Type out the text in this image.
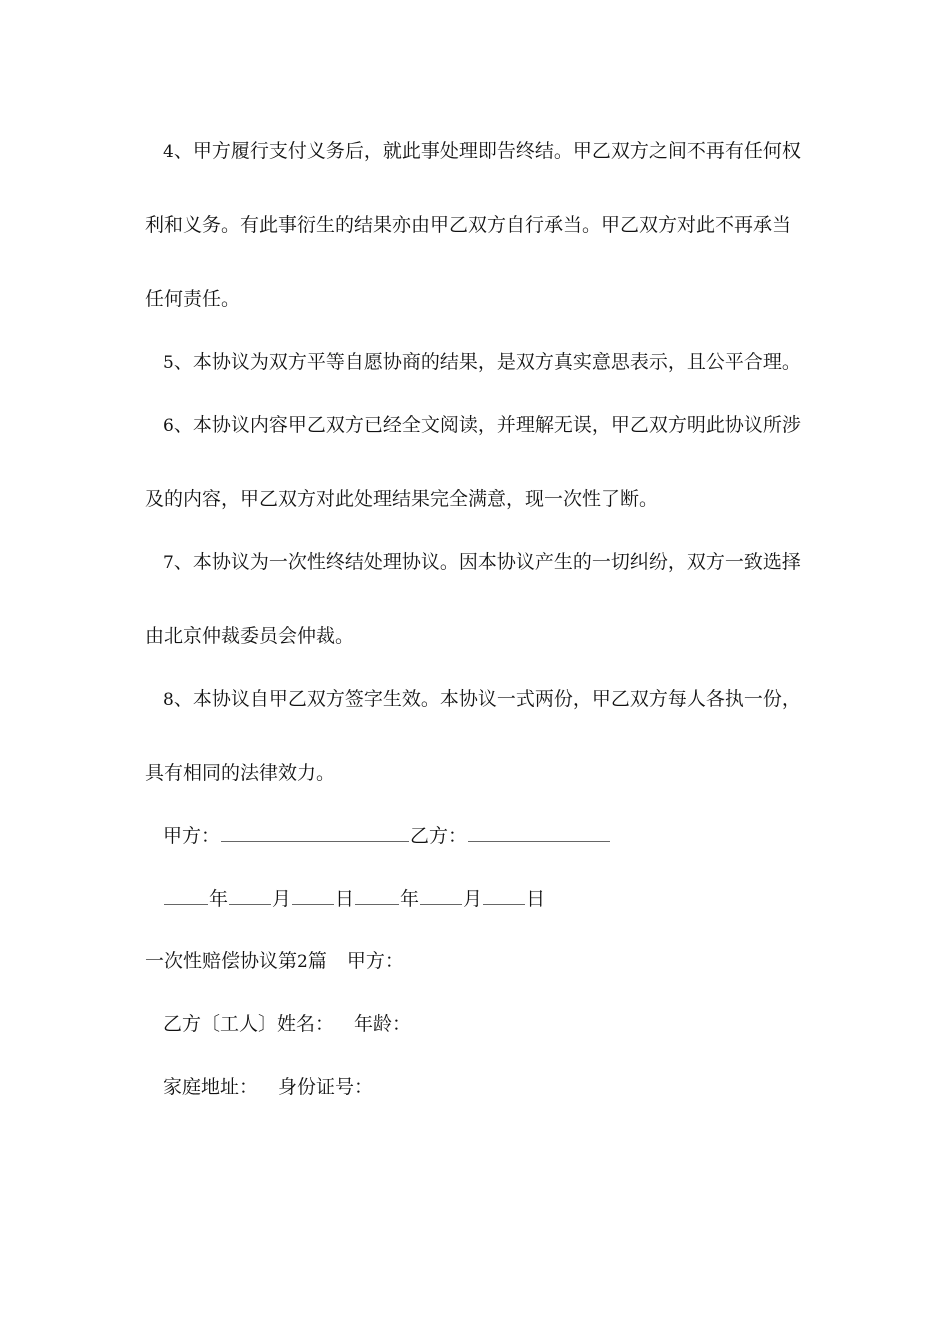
4、甲方履行支付义务后，就此事处理即告终结。甲乙双方之间不再有任何权
利和义务。有此事衍生的结果亦由甲乙双方自行承当。甲乙双方对此不再承当
任何责任。
5、本协议为双方平等自愿协商的结果，是双方真实意思表示，且公平合理。
6、本协议内容甲乙双方已经全文阅读，并理解无误，甲乙双方明此协议所涉
及的内容，甲乙双方对此处理结果完全满意，现一次性了断。
7、本协议为一次性终结处理协议。因本协议产生的一切纠纷，双方一致选择
由北京仲裁委员会仲裁。
8、本协议自甲乙双方签字生效。本协议一式两份，甲乙双方每人各执一份，
具有相同的法律效力。
甲方：	乙方：
年 月 日 年 月 日
一次性赔偿协议第2篇 甲方：
乙方〔工人〕姓名： 年龄：
家庭地址： 身份证号：
